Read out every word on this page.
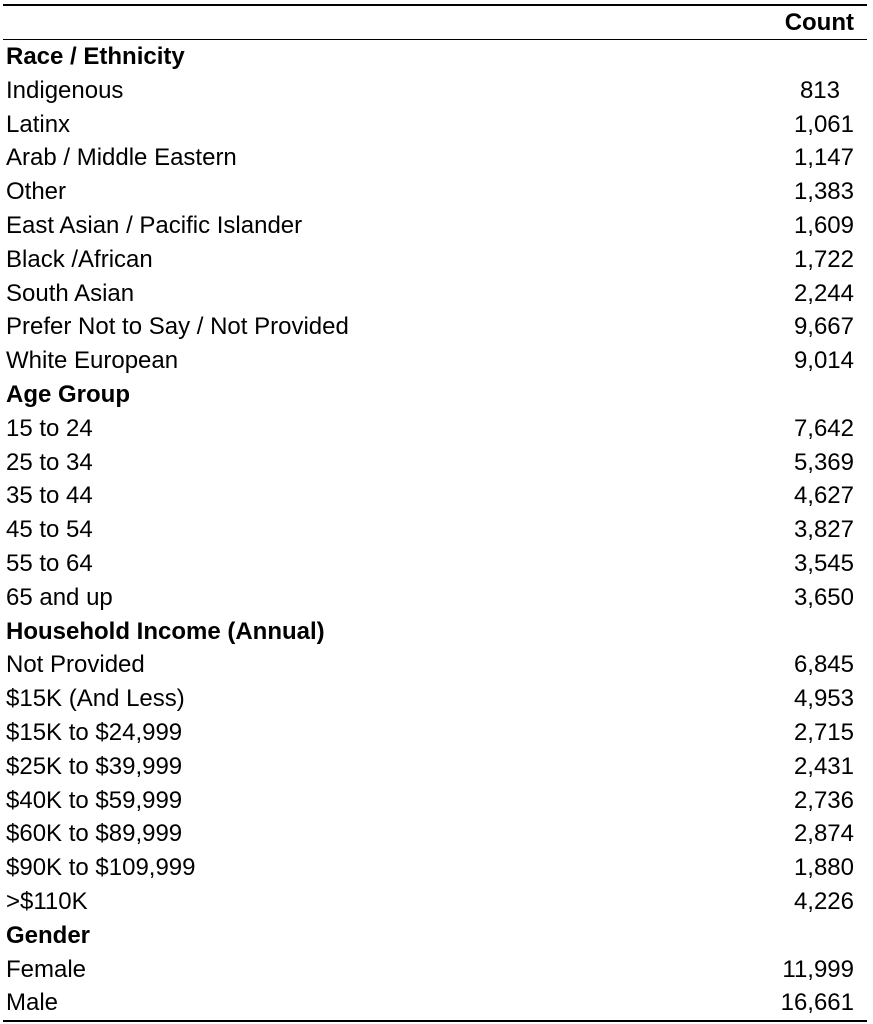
Count
Race / Ethnicity
Indigenous	813
Latinx	1,061
Arab / Middle Eastern	1,147
Other	1,383
East Asian / Pacific Islander	1,609
Black /African	1,722
South Asian	2,244
Prefer Not to Say / Not Provided	9,667
White European	9,014
Age Group
15 to 24	7,642
25 to 34	5,369
35 to 44	4,627
45 to 54	3,827
55 to 64	3,545
65 and up	3,650
Household Income (Annual)
Not Provided	6,845
$15K (And Less)	4,953
$15K to $24,999	2,715
$25K to $39,999	2,431
$40K to $59,999	2,736
$60K to $89,999	2,874
$90K to $109,999	1,880
>$110K	4,226
Gender
Female	11,999
Male	16,661
